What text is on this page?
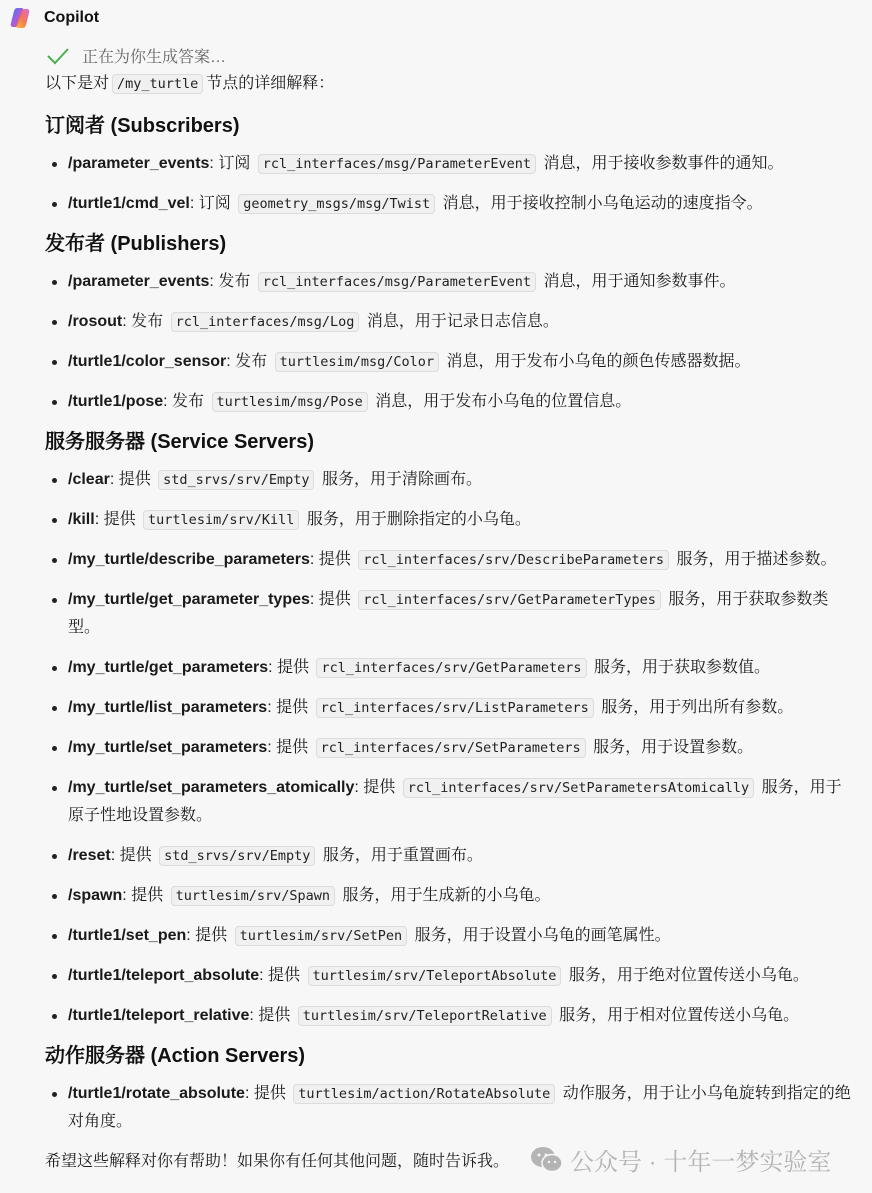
Copilot
正在为你生成答案…

以下是对 /my_turtle 节点的详细解释：

订阅者 (Subscribers)
/parameter_events: 订阅 rcl_interfaces/msg/ParameterEvent 消息，用于接收参数事件的通知。
/turtle1/cmd_vel: 订阅 geometry_msgs/msg/Twist 消息，用于接收控制小乌龟运动的速度指令。
发布者 (Publishers)
/parameter_events: 发布 rcl_interfaces/msg/ParameterEvent 消息，用于通知参数事件。
/rosout: 发布 rcl_interfaces/msg/Log 消息，用于记录日志信息。
/turtle1/color_sensor: 发布 turtlesim/msg/Color 消息，用于发布小乌龟的颜色传感器数据。
/turtle1/pose: 发布 turtlesim/msg/Pose 消息，用于发布小乌龟的位置信息。
服务服务器 (Service Servers)
/clear: 提供 std_srvs/srv/Empty 服务，用于清除画布。
/kill: 提供 turtlesim/srv/Kill 服务，用于删除指定的小乌龟。
/my_turtle/describe_parameters: 提供 rcl_interfaces/srv/DescribeParameters 服务，用于描述参数。
/my_turtle/get_parameter_types: 提供 rcl_interfaces/srv/GetParameterTypes 服务，用于获取参数类型。
/my_turtle/get_parameters: 提供 rcl_interfaces/srv/GetParameters 服务，用于获取参数值。
/my_turtle/list_parameters: 提供 rcl_interfaces/srv/ListParameters 服务，用于列出所有参数。
/my_turtle/set_parameters: 提供 rcl_interfaces/srv/SetParameters 服务，用于设置参数。
/my_turtle/set_parameters_atomically: 提供 rcl_interfaces/srv/SetParametersAtomically 服务，用于原子性地设置参数。
/reset: 提供 std_srvs/srv/Empty 服务，用于重置画布。
/spawn: 提供 turtlesim/srv/Spawn 服务，用于生成新的小乌龟。
/turtle1/set_pen: 提供 turtlesim/srv/SetPen 服务，用于设置小乌龟的画笔属性。
/turtle1/teleport_absolute: 提供 turtlesim/srv/TeleportAbsolute 服务，用于绝对位置传送小乌龟。
/turtle1/teleport_relative: 提供 turtlesim/srv/TeleportRelative 服务，用于相对位置传送小乌龟。
动作服务器 (Action Servers)
/turtle1/rotate_absolute: 提供 turtlesim/action/RotateAbsolute 动作服务，用于让小乌龟旋转到指定的绝对角度。

希望这些解释对你有帮助！如果你有任何其他问题，随时告诉我。	公众号 · 十年一梦实验室
